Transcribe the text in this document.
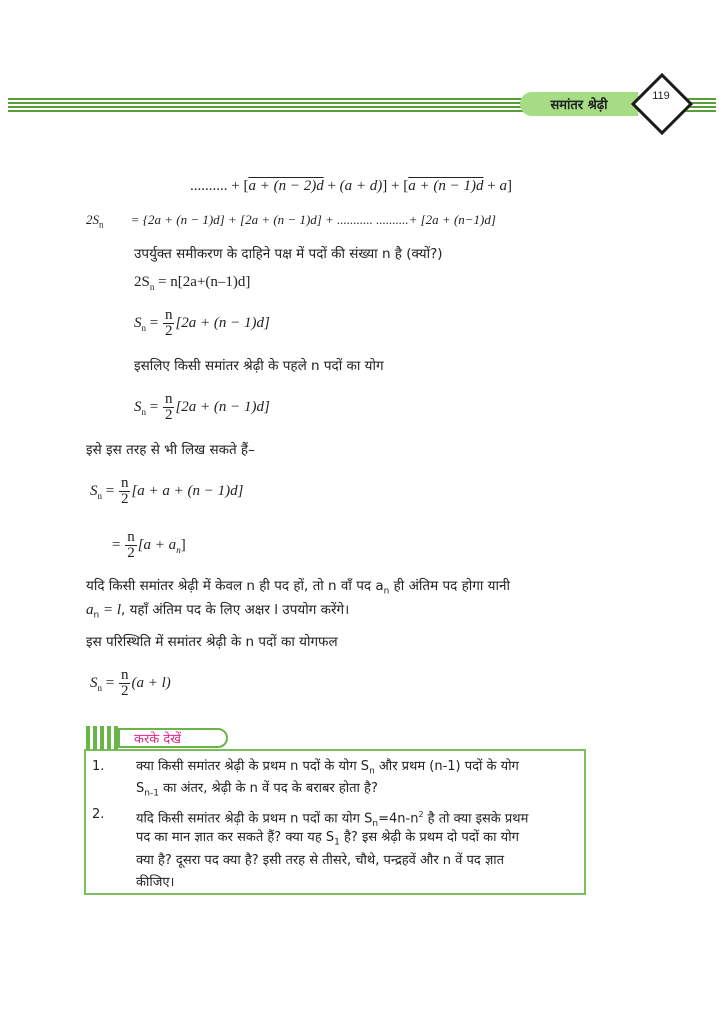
समांतर श्रेढ़ी
119
.......... + [a + (n − 2)d + (a + d)] + [a + (n − 1)d + a]
$2S_n = \{2a + (n - 1)d] + [2a + (n - 1)d]$ + ........... ..........+ [2a + (n−1)d]
उपर्युक्त समीकरण के दाहिने पक्ष में पदों की संख्या n है (क्यों?)
$2S_n = n[2a+(n-1)d]$
$S_n = \frac{n}{2} [2a + (n - 1)d]$
इसलिए किसी समांतर श्रेढ़ी के पहले n पदों का योग
$S_n = \frac{n}{2} [2a + (n - 1)d]$
इसे इस तरह से भी लिख सकते हैं–
$S_n = \frac{n}{2} [a + a + (n - 1)d]$
= $\frac{n}{2} [a + a_n]$
यदि किसी समांतर श्रेढ़ी में केवल n ही पद हों, तो n वाँ पद $a_n$ ही अंतिम पद होगा यानी
$a_n = l$, यहाँ अंतिम पद के लिए अक्षर l उपयोग करेंगे।
इस परिस्थिति में समांतर श्रेढ़ी के n पदों का योगफल
$S_n = \frac{n}{2} (a + l)$
करके देखें
1. क्या किसी समांतर श्रेढ़ी के प्रथम n पदों के योग $S_n$ और प्रथम (n-1) पदों के योग
$S_{n-1}$ का अंतर, श्रेढ़ी के n वें पद के बराबर होता है?
2. यदि किसी समांतर श्रेढ़ी के प्रथम n पदों का योग $S_n=4n-n^2$ है तो क्या इसके प्रथम
पद का मान ज्ञात कर सकते हैं? क्या यह $S_1$ है? इस श्रेढ़ी के प्रथम दो पदों का योग
क्या है? दूसरा पद क्या है? इसी तरह से तीसरे, चौथे, पन्द्रहवें और n वें पद ज्ञात
कीजिए।
